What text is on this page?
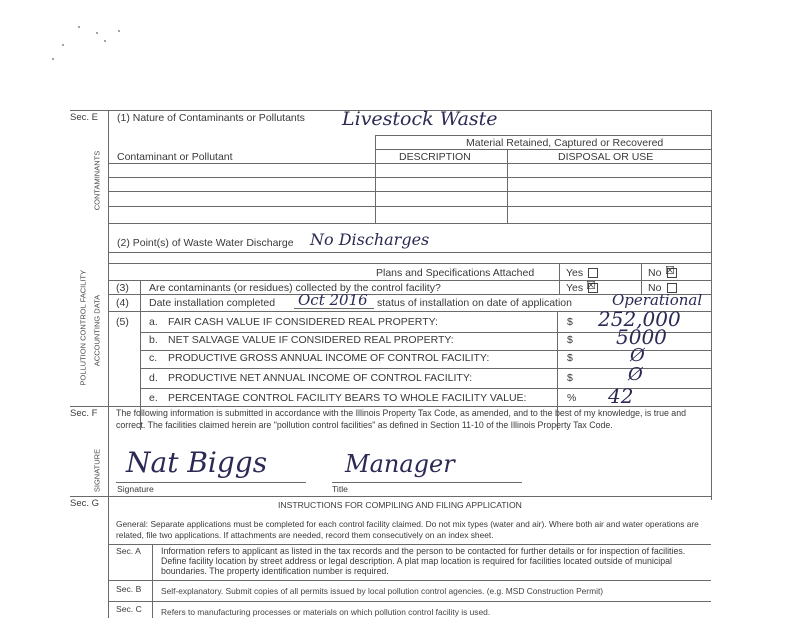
Sec. E
POLLUTION CONTROL FACILITY
CONTAMINANTS
ACCOUNTING DATA
(1) Nature of Contaminants or Pollutants Livestock Waste
Material Retained, Captured or Recovered
Contaminant or Pollutant	DESCRIPTION	DISPOSAL OR USE
(2) Point(s) of Waste Water Discharge No Discharges
Plans and Specifications Attached	Yes	No ☒
(3) Are contaminants (or residues) collected by the control facility?	Yes ☒	No
(4) Date installation completed Oct 2016 status of installation on date of application	Operational
(5) a. FAIR CASH VALUE IF CONSIDERED REAL PROPERTY:	$ 252,000
b. NET SALVAGE VALUE IF CONSIDERED REAL PROPERTY:	$ 5000
c. PRODUCTIVE GROSS ANNUAL INCOME OF CONTROL FACILITY:	$	Ø
d. PRODUCTIVE NET ANNUAL INCOME OF CONTROL FACILITY:	$	Ø
e. PERCENTAGE CONTROL FACILITY BEARS TO WHOLE FACILITY VALUE:	% 42
Sec. F
SIGNATURE
The following information is submitted in accordance with the Illinois Property Tax Code, as amended, and to the best of my knowledge, is true and correct. The facilities claimed herein are "pollution control facilities" as defined in Section 11-10 of the Illinois Property Tax Code.
Nat Biggs
Signature
Manager
Title
Sec. G	INSTRUCTIONS FOR COMPILING AND FILING APPLICATION
General: Separate applications must be completed for each control facility claimed. Do not mix types (water and air). Where both air and water operations are related, file two applications. If attachments are needed, record them consecutively on an index sheet.
Sec. A Information refers to applicant as listed in the tax records and the person to be contacted for further details or for inspection of facilities. Define facility location by street address or legal description. A plat map location is required for facilities located outside of municipal boundaries. The property identification number is required.
Sec. B Self-explanatory. Submit copies of all permits issued by local pollution control agencies. (e.g. MSD Construction Permit)
Sec. C Refers to manufacturing processes or materials on which pollution control facility is used.
